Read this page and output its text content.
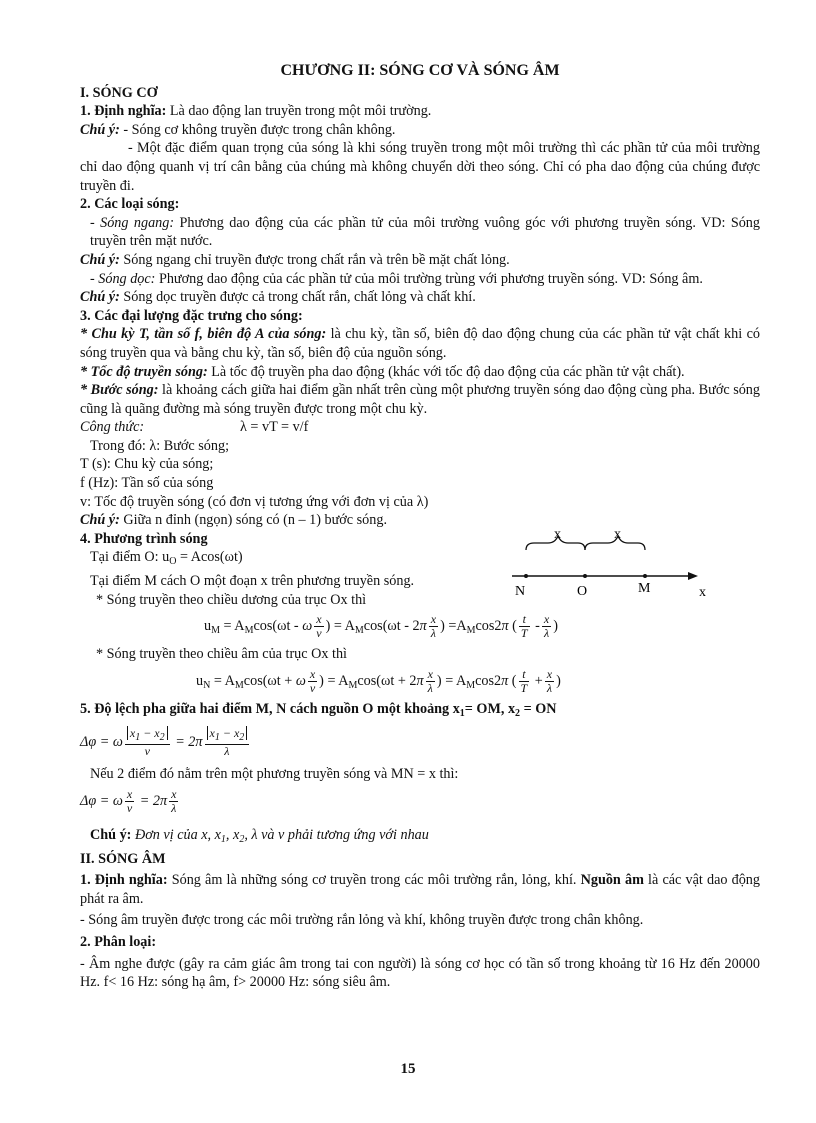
CHƯƠNG II: SÓNG CƠ VÀ SÓNG ÂM

I. SÓNG CƠ

1. Định nghĩa: Là dao động lan truyền trong một môi trường.

Chú ý: - Sóng cơ không truyền được trong chân không.

- Một đặc điểm quan trọng của sóng là khi sóng truyền trong một môi trường thì các phần tử của môi trường chỉ dao động quanh vị trí cân bằng của chúng mà không chuyển dời theo sóng. Chỉ có pha dao động của chúng được truyền đi.

2. Các loại sóng:

- Sóng ngang: Phương dao động của các phần tử của môi trường vuông góc với phương truyền sóng. VD: Sóng truyền trên mặt nước.

Chú ý: Sóng ngang chỉ truyền được trong chất rắn và trên bề mặt chất lỏng.

- Sóng dọc: Phương dao động của các phần tử của môi trường trùng với phương truyền sóng. VD: Sóng âm.

Chú ý: Sóng dọc truyền được cả trong chất rắn, chất lỏng và chất khí.

3. Các đại lượng đặc trưng cho sóng:

* Chu kỳ T, tần số f, biên độ A của sóng: là chu kỳ, tần số, biên độ dao động chung của các phần tử vật chất khi có sóng truyền qua và bằng chu kỳ, tần số, biên độ của nguồn sóng.

* Tốc độ truyền sóng: Là tốc độ truyền pha dao động (khác với tốc độ dao động của các phần tử vật chất).

* Bước sóng: là khoảng cách giữa hai điểm gần nhất trên cùng một phương truyền sóng dao động cùng pha. Bước sóng cũng là quãng đường mà sóng truyền được trong một chu kỳ.

Công thức:	λ = vT = v/f

Trong đó: λ: Bước sóng;

T (s): Chu kỳ của sóng;

f (Hz): Tần số của sóng

v: Tốc độ truyền sóng (có đơn vị tương ứng với đơn vị của λ)

Chú ý: Giữa n đỉnh (ngọn) sóng có (n – 1) bước sóng.

4. Phương trình sóng

Tại điểm O: $u_O = Acos(\omega t)$

Tại điểm M cách O một đoạn x trên phương truyền sóng.

* Sóng truyền theo chiều dương của trục Ox thì

$u_M = A_M\cos(\omega t - \omega \frac{x}{v}$ ) = $A_M\cos(\omega t - 2\pi \frac{x}{\lambda}$ ) $=A_M\cos 2\pi$ ( $\frac{t}{T} - \frac{x}{\lambda}$ )

* Sóng truyền theo chiều âm của trục Ox thì

$u_N = A_M\cos(\omega t + \omega \frac{x}{v}$ ) = $A_M\cos(\omega t + 2\pi \frac{x}{\lambda}$ ) = $A_M\cos 2\pi$ ( $\frac{t}{T} + \frac{x}{\lambda}$ )

5. Độ lệch pha giữa hai điểm M, N cách nguồn O một khoảng $x_1=$ OM, $x_2$ = ON

Δφ = ω $\frac{x_1 - x_2}{v} = 2\pi \frac{x_1 - x_2}{\lambda}$

Nếu 2 điểm đó nằm trên một phương truyền sóng và MN = x thì:

Δφ = ω $\frac{x}{v} = 2\pi \frac{x}{\lambda}$

Chú ý: Đơn vị của x, $x_1$, $x_2$, λ và v phải tương ứng với nhau

II. SÓNG ÂM

1. Định nghĩa: Sóng âm là những sóng cơ truyền trong các môi trường rắn, lỏng, khí. Nguồn âm là các vật dao động phát ra âm.

- Sóng âm truyền được trong các môi trường rắn lỏng và khí, không truyền được trong chân không.

2. Phân loại:

- Âm nghe được (gây ra cảm giác âm trong tai con người) là sóng cơ học có tần số trong khoảng từ 16 Hz đến 20000 Hz. f< 16 Hz: sóng hạ âm, f> 20000 Hz: sóng siêu âm.

x	x
N	O	M	x
15
